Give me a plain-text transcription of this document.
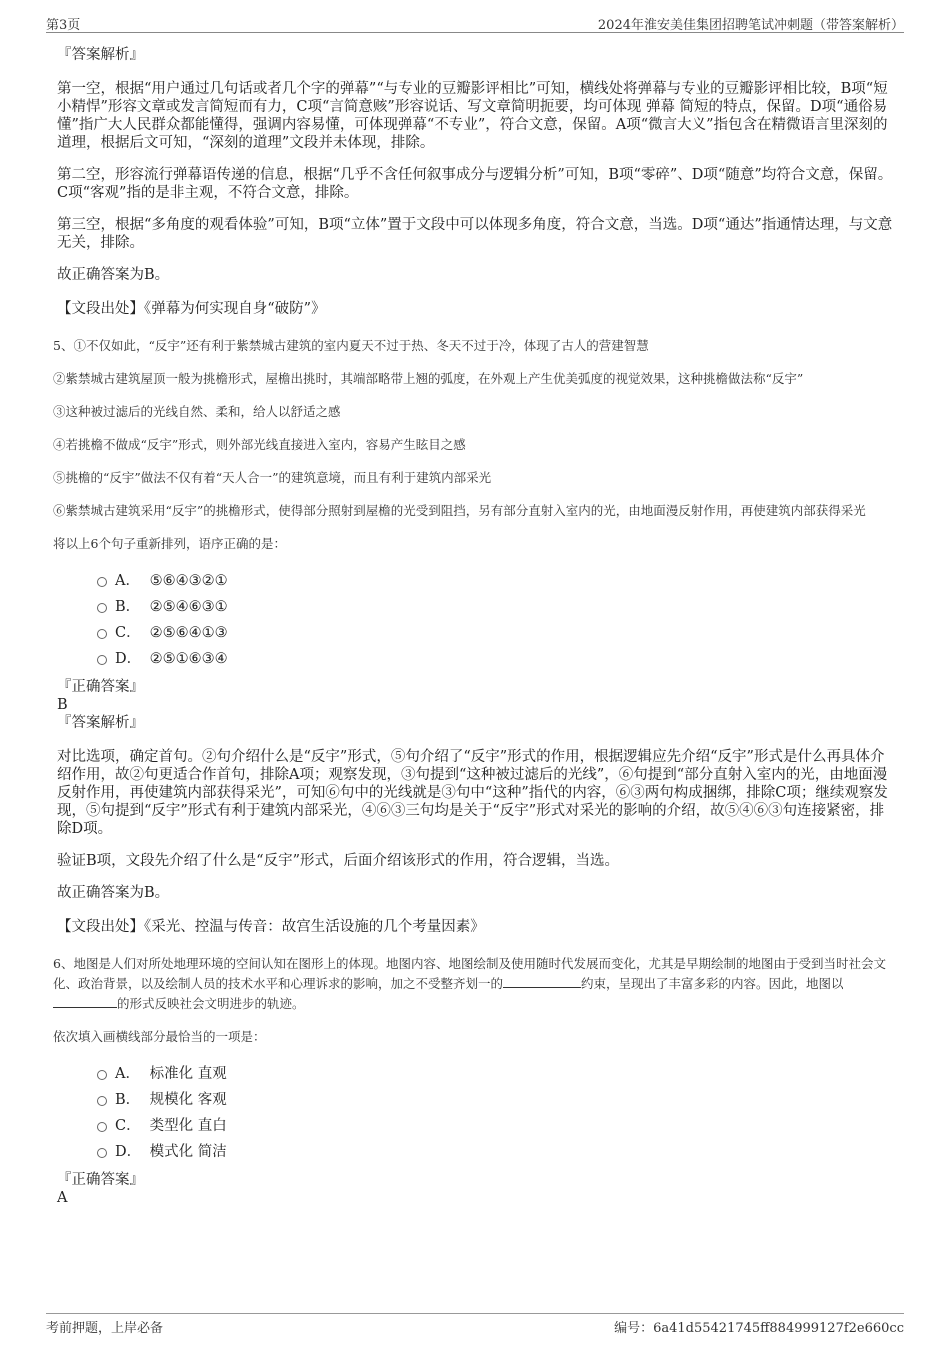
第3页	2024年淮安美佳集团招聘笔试冲刺题（带答案解析）

『答案解析』

第一空，根据“用户通过几句话或者几个字的弹幕”“与专业的豆瓣影评相比”可知，横线处将弹幕与专业的豆瓣影评相比较，B项“短小精悍”形容文章或发言简短而有力，C项“言简意赅”形容说话、写文章简明扼要，均可体现 弹幕 简短的特点，保留。D项“通俗易懂”指广大人民群众都能懂得，强调内容易懂，可体现弹幕“不专业”，符合文意，保留。A项“微言大义”指包含在精微语言里深刻的道理，根据后文可知，“深刻的道理”文段并未体现，排除。

第二空，形容流行弹幕语传递的信息，根据“几乎不含任何叙事成分与逻辑分析”可知，B项“零碎”、D项“随意”均符合文意，保留。C项“客观”指的是非主观，不符合文意，排除。

第三空，根据“多角度的观看体验”可知，B项“立体”置于文段中可以体现多角度，符合文意，当选。D项“通达”指通情达理，与文意无关，排除。

故正确答案为B。

【文段出处】《弹幕为何实现自身“破防”》

5、①不仅如此，“反宇”还有利于紫禁城古建筑的室内夏天不过于热、冬天不过于冷，体现了古人的营建智慧

②紫禁城古建筑屋顶一般为挑檐形式，屋檐出挑时，其端部略带上翘的弧度，在外观上产生优美弧度的视觉效果，这种挑檐做法称“反宇”

③这种被过滤后的光线自然、柔和，给人以舒适之感

④若挑檐不做成“反宇”形式，则外部光线直接进入室内，容易产生眩目之感

⑤挑檐的“反宇”做法不仅有着“天人合一”的建筑意境，而且有利于建筑内部采光

⑥紫禁城古建筑采用“反宇”的挑檐形式，使得部分照射到屋檐的光受到阻挡，另有部分直射入室内的光，由地面漫反射作用，再使建筑内部获得采光

将以上6个句子重新排列，语序正确的是：

A． ⑤⑥④③②①
B． ②⑤④⑥③①
C． ②⑤⑥④①③
D． ②⑤①⑥③④

『正确答案』

B

『答案解析』

对比选项，确定首句。②句介绍什么是“反宇”形式，⑤句介绍了“反宇”形式的作用，根据逻辑应先介绍“反宇”形式是什么再具体介绍作用，故②句更适合作首句，排除A项；观察发现，③句提到“这种被过滤后的光线”，⑥句提到“部分直射入室内的光，由地面漫反射作用，再使建筑内部获得采光”，可知⑥句中的光线就是③句中“这种”指代的内容，⑥③两句构成捆绑，排除C项；继续观察发现，⑤句提到“反宇”形式有利于建筑内部采光，④⑥③三句均是关于“反宇”形式对采光的影响的介绍，故⑤④⑥③句连接紧密，排除D项。

验证B项，文段先介绍了什么是“反宇”形式，后面介绍该形式的作用，符合逻辑，当选。

故正确答案为B。

【文段出处】《采光、控温与传音：故宫生活设施的几个考量因素》

6、地图是人们对所处地理环境的空间认知在图形上的体现。地图内容、地图绘制及使用随时代发展而变化，尤其是早期绘制的地图由于受到当时社会文化、政治背景，以及绘制人员的技术水平和心理诉求的影响，加之不受整齐划一的	约束，呈现出了丰富多彩的内容。因此，地图以的形式反映社会文明进步的轨迹。

依次填入画横线部分最恰当的一项是：

A． 标准化 直观
B． 规模化 客观
C． 类型化 直白
D． 模式化 简洁

『正确答案』

A

考前押题，上岸必备	编号：6a41d55421745ff884999127f2e660cc
